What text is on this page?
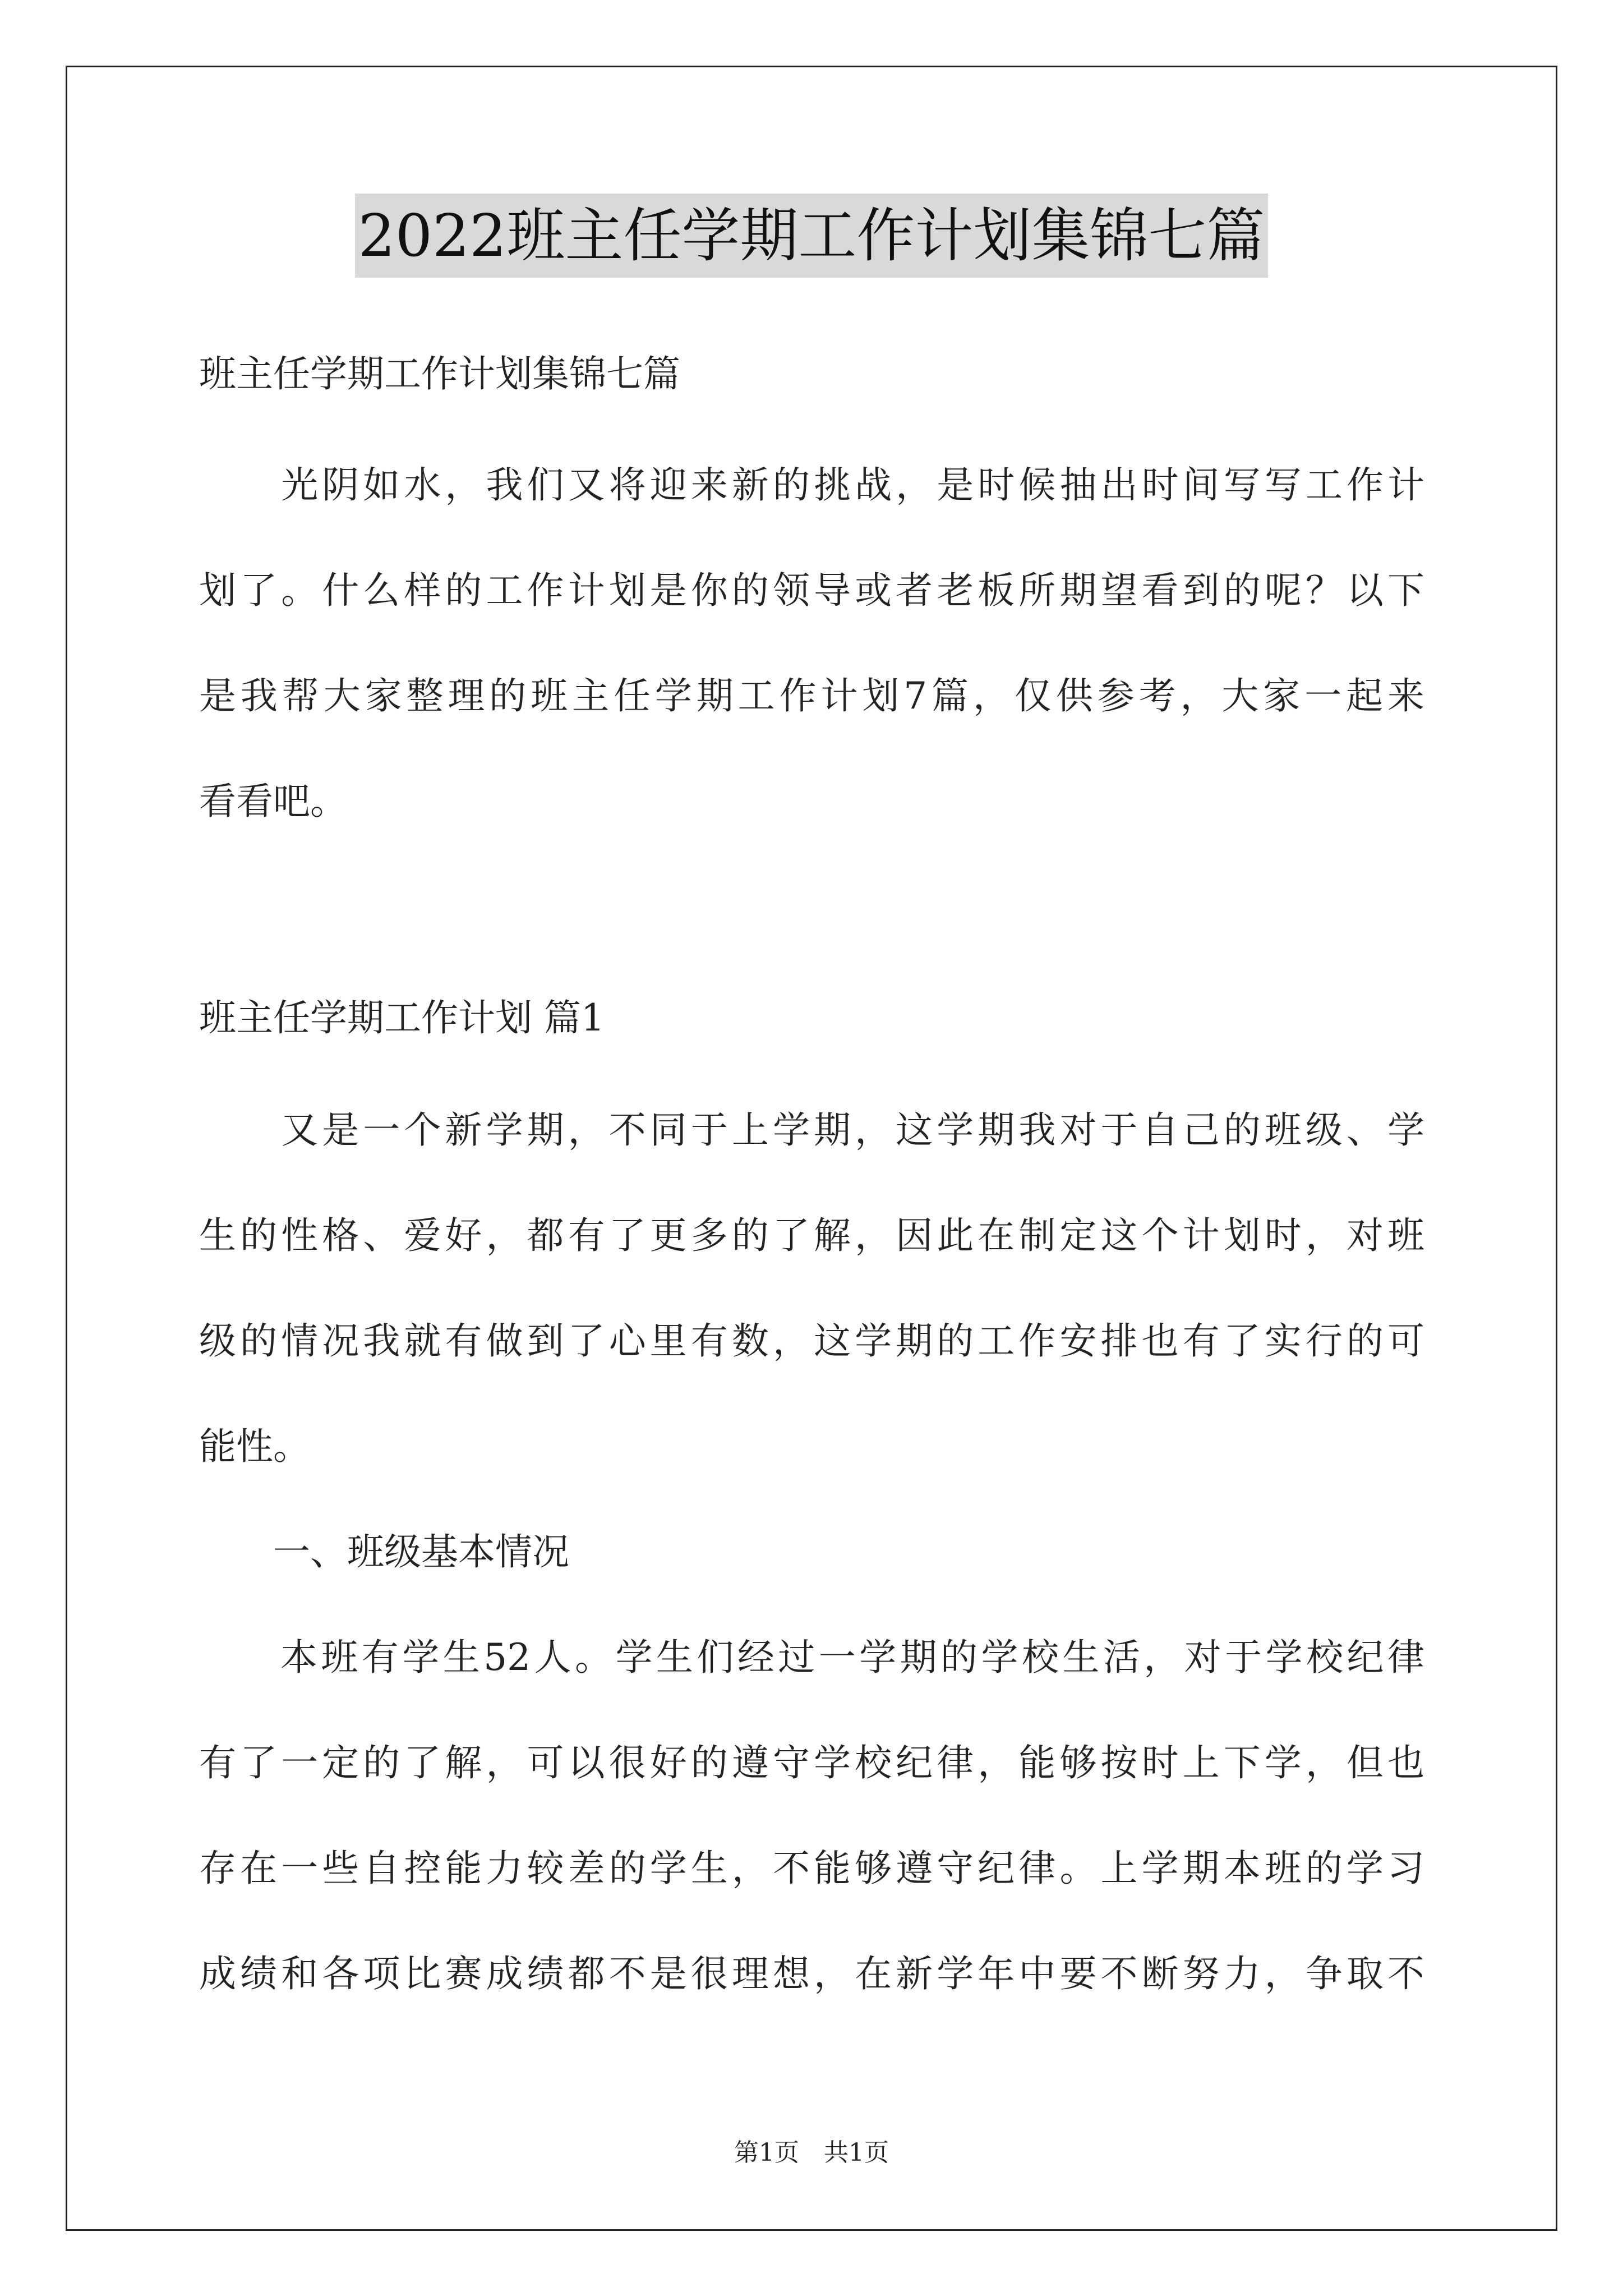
2022班主任学期工作计划集锦七篇
班主任学期工作计划集锦七篇
　　光阴如水，我们又将迎来新的挑战，是时候抽出时间写写工作计
划了。什么样的工作计划是你的领导或者老板所期望看到的呢？以下
是我帮大家整理的班主任学期工作计划7篇，仅供参考，大家一起来
看看吧。
班主任学期工作计划 篇1
　　又是一个新学期，不同于上学期，这学期我对于自己的班级、学
生的性格、爱好，都有了更多的了解，因此在制定这个计划时，对班
级的情况我就有做到了心里有数，这学期的工作安排也有了实行的可
能性。
　　一、班级基本情况
　　本班有学生52人。学生们经过一学期的学校生活，对于学校纪律
有了一定的了解，可以很好的遵守学校纪律，能够按时上下学，但也
存在一些自控能力较差的学生，不能够遵守纪律。上学期本班的学习
成绩和各项比赛成绩都不是很理想，在新学年中要不断努力，争取不
第1页　共1页
